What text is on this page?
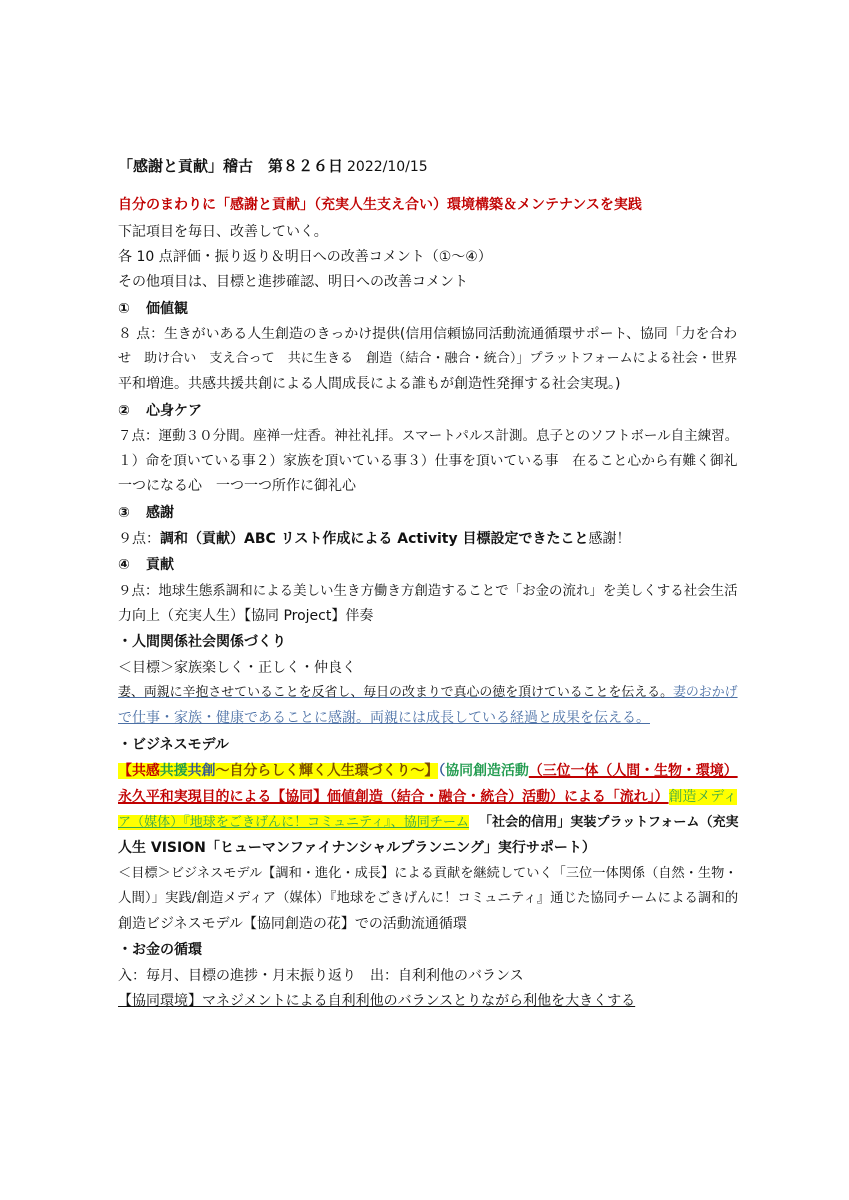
「感謝と貢献」稽古　第８２６日 2022/10/15
自分のまわりに「感謝と貢献」（充実人生支え合い）環境構築＆メンテナンスを実践
下記項目を毎日、改善していく。
各 10 点評価・振り返り＆明日への改善コメント（①～④）
その他項目は、目標と進捗確認、明日への改善コメント
① 価値観
８ 点：生きがいある人生創造のきっかけ提供(信用信頼協同活動流通循環サポート、協同「力を合わ
せ　助け合い　支え合って　共に生きる　創造（結合・融合・統合）」プラットフォームによる社会・世界
平和増進。共感共援共創による人間成長による誰もが創造性発揮する社会実現。)
② 心身ケア
７点：運動３０分間。座禅一炷香。神社礼拝。スマートパルス計測。息子とのソフトボール自主練習。
１）命を頂いている事２）家族を頂いている事３）仕事を頂いている事　在ること心から有難く御礼
一つになる心　一つ一つ所作に御礼心
③ 感謝
９点：調和（貢献）ABC リスト作成による Activity 目標設定できたこと感謝！
④ 貢献
９点：地球生態系調和による美しい生き方働き方創造することで「お金の流れ」を美しくする社会生活
力向上（充実人生）【協同 Project】伴奏
・人間関係社会関係づくり
＜目標＞家族楽しく・正しく・仲良く
妻、両親に辛抱させていることを反省し、毎日の改まりで真心の徳を頂けていることを伝える。妻のおかげ
で仕事・家族・健康であることに感謝。両親には成長している経過と成果を伝える。
・ビジネスモデル
【共感共援共創～自分らしく輝く人生環づくり～】（協同創造活動（三位一体（人間・生物・環境）
永久平和実現目的による【協同】価値創造（結合・融合・統合）活動）による「流れ」）創造メディ
ア（媒体）『地球をごきげんに！コミュニティ』、協同チーム 「社会的信用」実装プラットフォーム（充実
人生 VISION「ヒューマンファイナンシャルプランニング」実行サポート）
＜目標＞ビジネスモデル【調和・進化・成長】による貢献を継続していく「三位一体関係（自然・生物・
人間）」実践/創造メディア（媒体）『地球をごきげんに！コミュニティ』通じた協同チームによる調和的
創造ビジネスモデル【協同創造の花】での活動流通循環
・お金の循環
入：毎月、目標の進捗・月末振り返り　出：自利利他のバランス
【協同環境】マネジメントによる自利利他のバランスとりながら利他を大きくする
